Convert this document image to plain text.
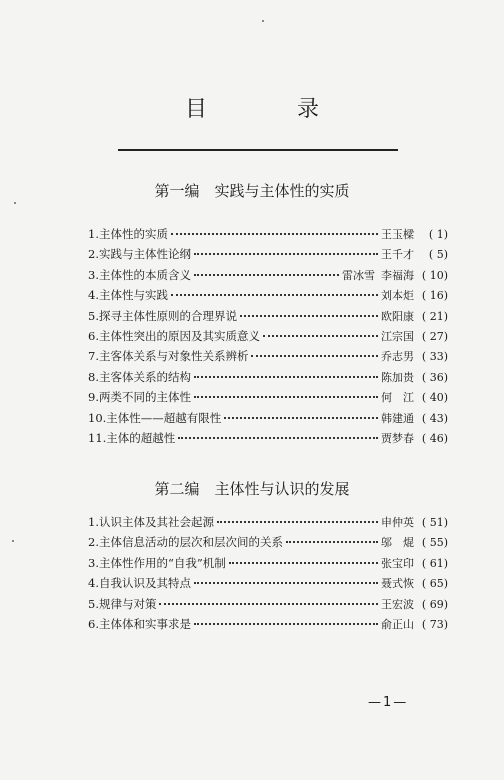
目　录
第一编　实践与主体性的实质
1.主体性的实质	王玉樑	( 1)
2.实践与主体性论纲	王千才	( 5)
3.主体性的本质含义	雷冰雪 李福海 ( 10)
4.主体性与实践	刘本炬 ( 16)
5.探寻主体性原则的合理界说	欧阳康 ( 21)
6.主体性突出的原因及其实质意义	江宗国 ( 27)
7.主客体关系与对象性关系辨析	乔志男 ( 33)
8.主客体关系的结构	陈加贵 ( 36)
9.两类不同的主体性	何　江 ( 40)
10.主体性——超越有限性	韩建通 ( 43)
11.主体的超越性	贾梦春 ( 46)
第二编　主体性与认识的发展
1.认识主体及其社会起源	申仲英 ( 51)
2.主体信息活动的层次和层次间的关系	邬　焜 ( 55)
3.主体性作用的“自我”机制	张宝印 ( 61)
4.自我认识及其特点	聂式恢 ( 65)
5.规律与对策	王宏波 ( 69)
6.主体体和实事求是	俞正山 ( 73)
—1—
